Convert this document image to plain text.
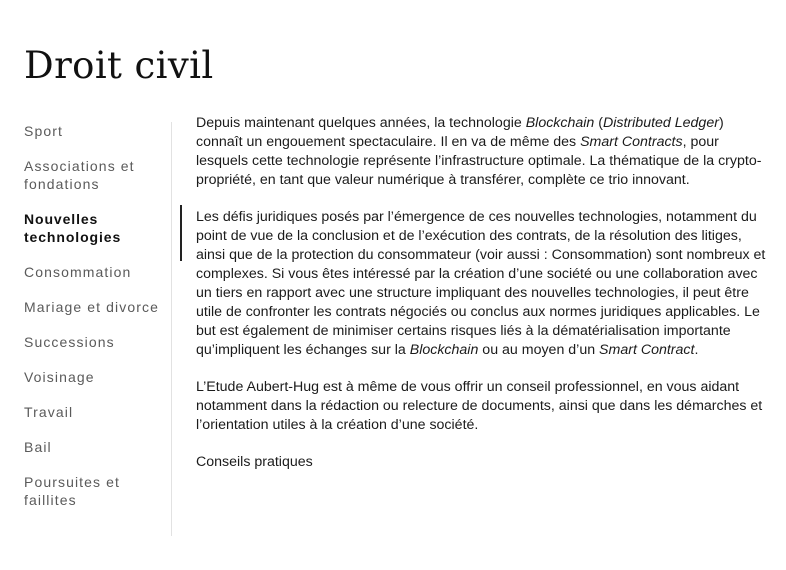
Droit civil
Sport
Associations et fondations
Nouvelles technologies
Consommation
Mariage et divorce
Successions
Voisinage
Travail
Bail
Poursuites et faillites

Depuis maintenant quelques années, la technologie Blockchain (Distributed Ledger) connaît un engouement spectaculaire. Il en va de même des Smart Contracts, pour lesquels cette technologie représente l’infrastructure optimale. La thématique de la crypto-propriété, en tant que valeur numérique à transférer, complète ce trio innovant.

Les défis juridiques posés par l’émergence de ces nouvelles technologies, notamment du point de vue de la conclusion et de l’exécution des contrats, de la résolution des litiges, ainsi que de la protection du consommateur (voir aussi : Consommation) sont nombreux et complexes. Si vous êtes intéressé par la création d’une société ou une collaboration avec un tiers en rapport avec une structure impliquant des nouvelles technologies, il peut être utile de confronter les contrats négociés ou conclus aux normes juridiques applicables. Le but est également de minimiser certains risques liés à la dématérialisation importante qu’impliquent les échanges sur la Blockchain ou au moyen d’un Smart Contract.

L’Etude Aubert-Hug est à même de vous offrir un conseil professionnel, en vous aidant notamment dans la rédaction ou relecture de documents, ainsi que dans les démarches et l’orientation utiles à la création d’une société.

Conseils pratiques
